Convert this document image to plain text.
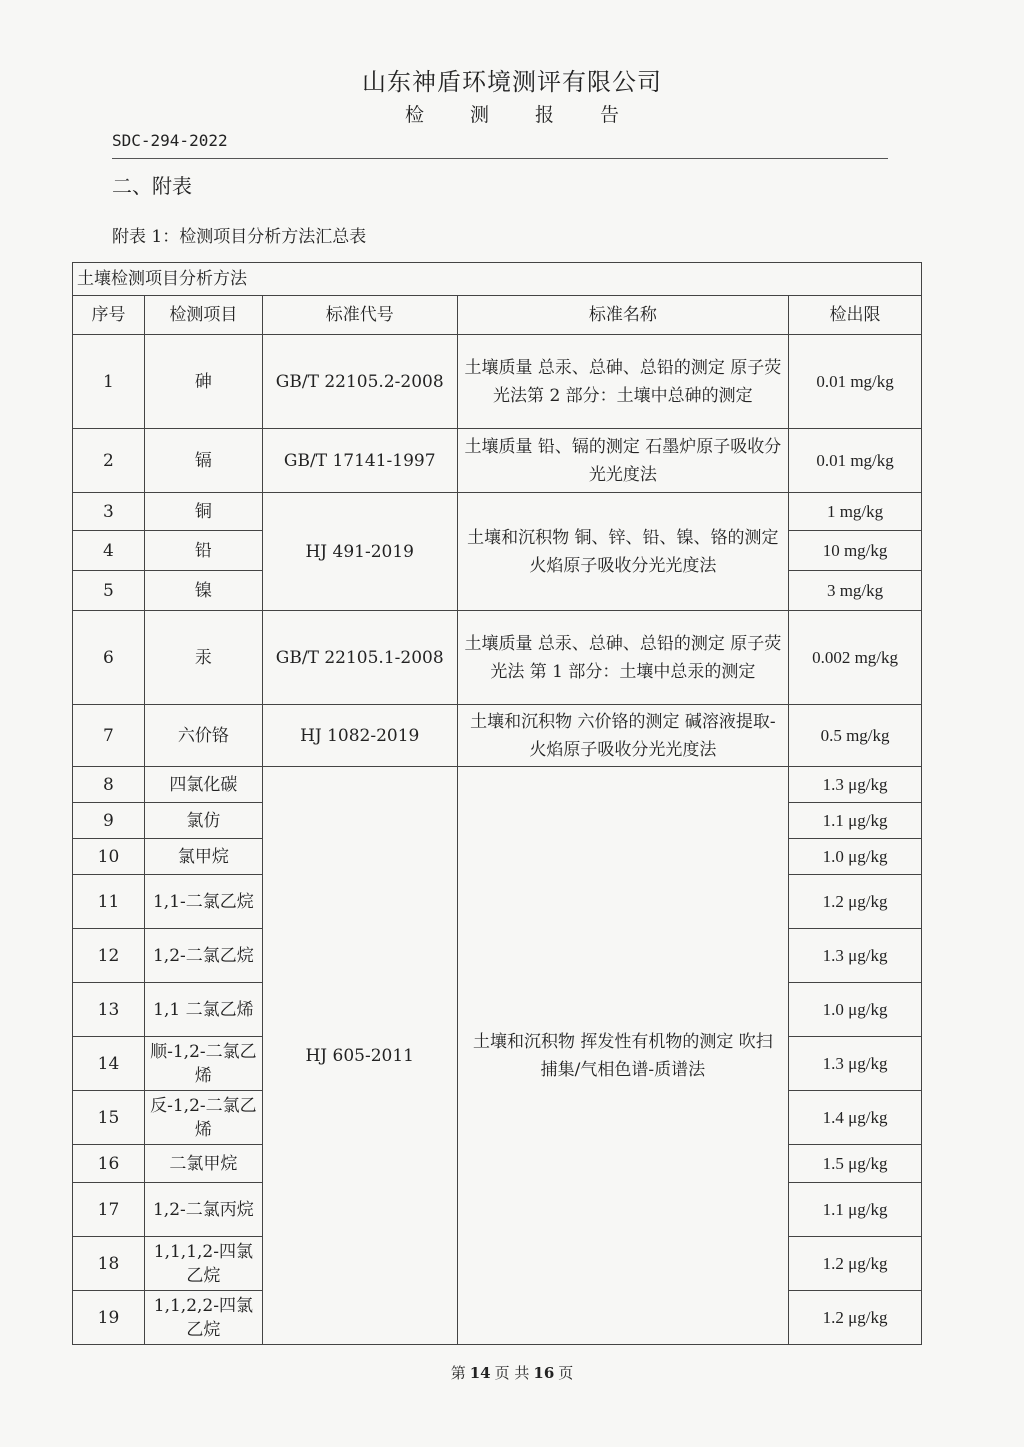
山东神盾环境测评有限公司
检 测 报 告
SDC-294-2022
二、附表
附表 1：检测项目分析方法汇总表
土壤检测项目分析方法				
序号	检测项目	标准代号	标准名称	检出限
1	砷	GB/T 22105.2-2008	土壤质量 总汞、总砷、总铅的测定 原子荧光法第 2 部分：土壤中总砷的测定	0.01 mg/kg
2	镉	GB/T 17141-1997	土壤质量 铅、镉的测定 石墨炉原子吸收分光光度法	0.01 mg/kg
3	铜	HJ 491-2019	土壤和沉积物 铜、锌、铅、镍、铬的测定 火焰原子吸收分光光度法	1 mg/kg
4	铅			10 mg/kg
5	镍			3 mg/kg
6	汞	GB/T 22105.1-2008	土壤质量 总汞、总砷、总铅的测定 原子荧光法 第 1 部分：土壤中总汞的测定	0.002 mg/kg
7	六价铬	HJ 1082-2019	土壤和沉积物 六价铬的测定 碱溶液提取-火焰原子吸收分光光度法	0.5 mg/kg
8	四氯化碳	HJ 605-2011	土壤和沉积物 挥发性有机物的测定 吹扫捕集/气相色谱-质谱法	1.3 μg/kg
9	氯仿			1.1 μg/kg
10	氯甲烷			1.0 μg/kg
11	1,1-二氯乙烷			1.2 μg/kg
12	1,2-二氯乙烷			1.3 μg/kg
13	1,1 二氯乙烯			1.0 μg/kg
14	顺-1,2-二氯乙烯			1.3 μg/kg
15	反-1,2-二氯乙烯			1.4 μg/kg
16	二氯甲烷			1.5 μg/kg
17	1,2-二氯丙烷			1.1 μg/kg
18	1,1,1,2-四氯乙烷			1.2 μg/kg
19	1,1,2,2-四氯乙烷			1.2 μg/kg
第 14 页 共 16 页
